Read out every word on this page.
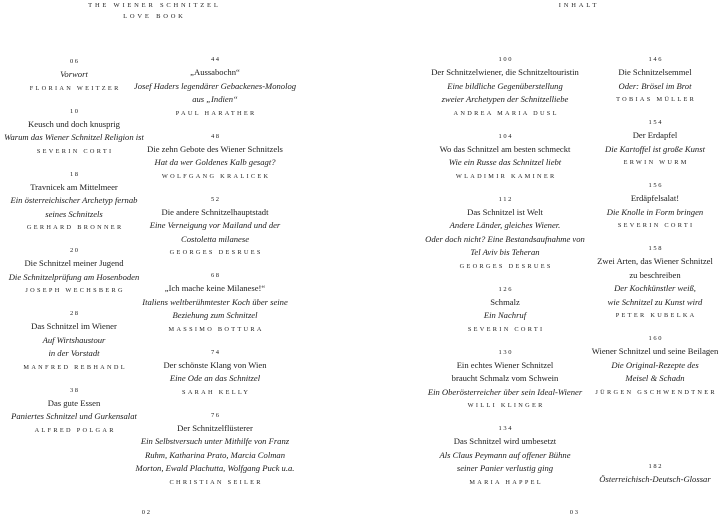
THE WIENER SCHNITZEL
LOVE BOOK
INHALT
06
Vorwort
FLORIAN WEITZER
10
Keusch und doch knusprig
Warum das Wiener Schnitzel Religion ist
SEVERIN CORTI
18
Travnicek am Mittelmeer
Ein österreichischer Archetyp fernab
seines Schnitzels
GERHARD BRONNER
20
Die Schnitzel meiner Jugend
Die Schnitzelprüfung am Hosenboden
JOSEPH WECHSBERG
28
Das Schnitzel im Wiener
Auf Wirtshaustour
in der Vorstadt
MANFRED REBHANDL
38
Das gute Essen
Paniertes Schnitzel und Gurkensalat
ALFRED POLGAR
44
„Aussabochn“
Josef Haders legendärer Gebackenes-Monolog
aus „Indien“
PAUL HARATHER
48
Die zehn Gebote des Wiener Schnitzels
Hat da wer Goldenes Kalb gesagt?
WOLFGANG KRALICEK
52
Die andere Schnitzelhauptstadt
Eine Verneigung vor Mailand und der
Costoletta milanese
GEORGES DESRUES
68
„Ich mache keine Milanese!“
Italiens weltberühmtester Koch über seine
Beziehung zum Schnitzel
MASSIMO BOTTURA
74
Der schönste Klang von Wien
Eine Ode an das Schnitzel
SARAH KELLY
76
Der Schnitzelflüsterer
Ein Selbstversuch unter Mithilfe von Franz
Ruhm, Katharina Prato, Marcia Colman
Morton, Ewald Plachutta, Wolfgang Puck u.a.
CHRISTIAN SEILER
100
Der Schnitzelwiener, die Schnitzeltouristin
Eine bildliche Gegenüberstellung
zweier Archetypen der Schnitzelliebe
ANDREA MARIA DUSL
104
Wo das Schnitzel am besten schmeckt
Wie ein Russe das Schnitzel liebt
WLADIMIR KAMINER
112
Das Schnitzel ist Welt
Andere Länder, gleiches Wiener.
Oder doch nicht? Eine Bestandsaufnahme von
Tel Aviv bis Teheran
GEORGES DESRUES
126
Schmalz
Ein Nachruf
SEVERIN CORTI
130
Ein echtes Wiener Schnitzel
braucht Schmalz vom Schwein
Ein Oberösterreicher über sein Ideal-Wiener
WILLI KLINGER
134
Das Schnitzel wird umbesetzt
Als Claus Peymann auf offener Bühne
seiner Panier verlustig ging
MARIA HAPPEL
146
Die Schnitzelsemmel
Oder: Brösel im Brot
TOBIAS MÜLLER
154
Der Erdapfel
Die Kartoffel ist große Kunst
ERWIN WURM
156
Erdäpfelsalat!
Die Knolle in Form bringen
SEVERIN CORTI
158
Zwei Arten, das Wiener Schnitzel
zu beschreiben
Der Kochkünstler weiß,
wie Schnitzel zu Kunst wird
PETER KUBELKA
160
Wiener Schnitzel und seine Beilagen
Die Original-Rezepte des
Meisel & Schadn
JÜRGEN GSCHWENDTNER
182
Österreichisch-Deutsch-Glossar
02	03
